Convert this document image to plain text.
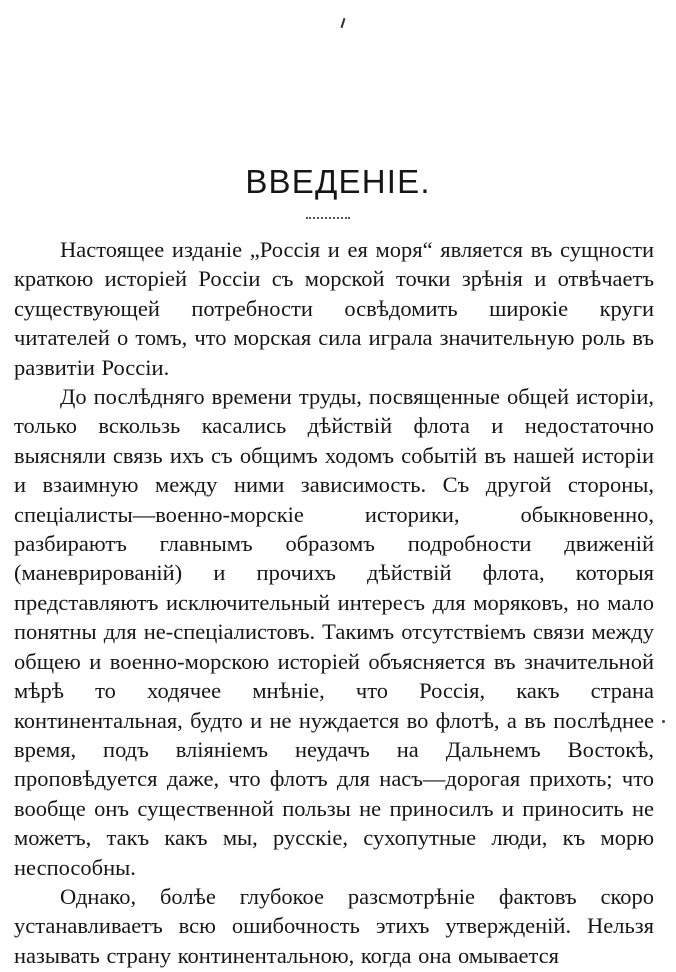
ВВЕДЕНІЕ.

Настоящее изданіе „Россія и ея моря“ является въ сущности краткою исторіей Россіи съ морской точки зрѣнія и отвѣчаетъ существующей потребности освѣдомить широкіе круги читателей о томъ, что морская сила играла значительную роль въ развитіи Россіи.

До послѣдняго времени труды, посвященные общей исторіи, только вскользь касались дѣйствій флота и недостаточно выясняли связь ихъ съ общимъ ходомъ событій въ нашей исторіи и взаимную между ними зависимость. Съ другой стороны, спеціалисты—военно-морскіе историки, обыкновенно, разбираютъ главнымъ образомъ подробности движеній (маневрированій) и прочихъ дѣйствій флота, которыя представляютъ исключительный интересъ для моряковъ, но мало понятны для не-спеціалистовъ. Такимъ отсутствіемъ связи между общею и военно-морскою исторіей объясняется въ значительной мѣрѣ то ходячее мнѣніе, что Россія, какъ страна континентальная, будто и не нуждается во флотѣ, а въ послѣднее время, подъ вліяніемъ неудачъ на Дальнемъ Востокѣ, проповѣдуется даже, что флотъ для насъ—дорогая прихоть; что вообще онъ существенной пользы не приносилъ и приносить не можетъ, такъ какъ мы, русскіе, сухопутные люди, къ морю неспособны.

Однако, болѣе глубокое разсмотрѣніе фактовъ скоро устанавливаетъ всю ошибочность этихъ утвержденій. Нельзя называть страну континентальною, когда она омывается
